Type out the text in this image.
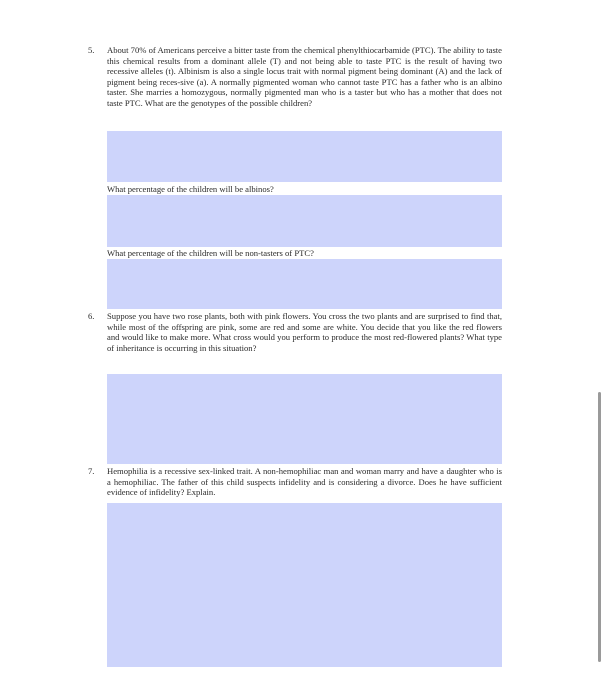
5. About 70% of Americans perceive a bitter taste from the chemical phenylthiocarbamide (PTC). The ability to taste this chemical results from a dominant allele (T) and not being able to taste PTC is the result of having two recessive alleles (t). Albinism is also a single locus trait with normal pigment being dominant (A) and the lack of pigment being reces-sive (a). A normally pigmented woman who cannot taste PTC has a father who is an albino taster. She marries a homozygous, normally pigmented man who is a taster but who has a mother that does not taste PTC. What are the genotypes of the possible children?
What percentage of the children will be albinos?
What percentage of the children will be non-tasters of PTC?
6. Suppose you have two rose plants, both with pink flowers. You cross the two plants and are surprised to find that, while most of the offspring are pink, some are red and some are white. You decide that you like the red flowers and would like to make more. What cross would you perform to produce the most red-flowered plants? What type of inheritance is occurring in this situation?
7. Hemophilia is a recessive sex-linked trait. A non-hemophiliac man and woman marry and have a daughter who is a hemophiliac. The father of this child suspects infidelity and is considering a divorce. Does he have sufficient evidence of infidelity? Explain.
